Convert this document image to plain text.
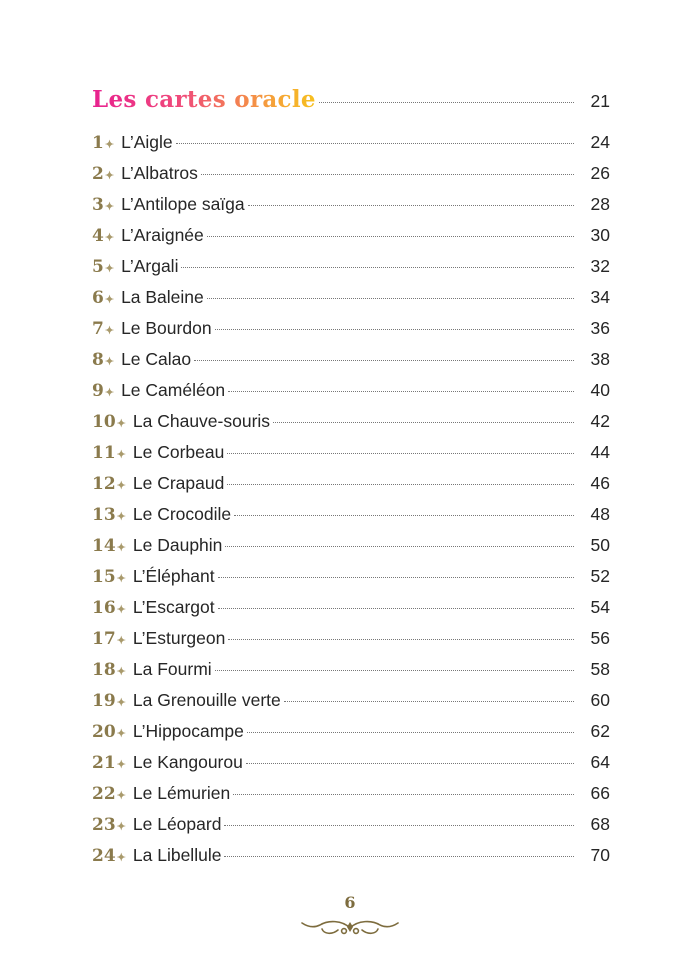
Les cartes oracle	21
1✦ L’Aigle	24
2✦ L’Albatros	26
3✦ L’Antilope saïga	28
4✦ L’Araignée	30
5✦ L’Argali	32
6✦ La Baleine	34
7✦ Le Bourdon	36
8✦ Le Calao	38
9✦ Le Caméléon	40
10✦ La Chauve-souris	42
11✦ Le Corbeau	44
12✦ Le Crapaud	46
13✦ Le Crocodile	48
14✦ Le Dauphin	50
15✦ L’Éléphant	52
16✦ L’Escargot	54
17✦ L’Esturgeon	56
18✦ La Fourmi	58
19✦ La Grenouille verte	60
20✦ L’Hippocampe	62
21✦ Le Kangourou	64
22✦ Le Lémurien	66
23✦ Le Léopard	68
24✦ La Libellule	70
6
